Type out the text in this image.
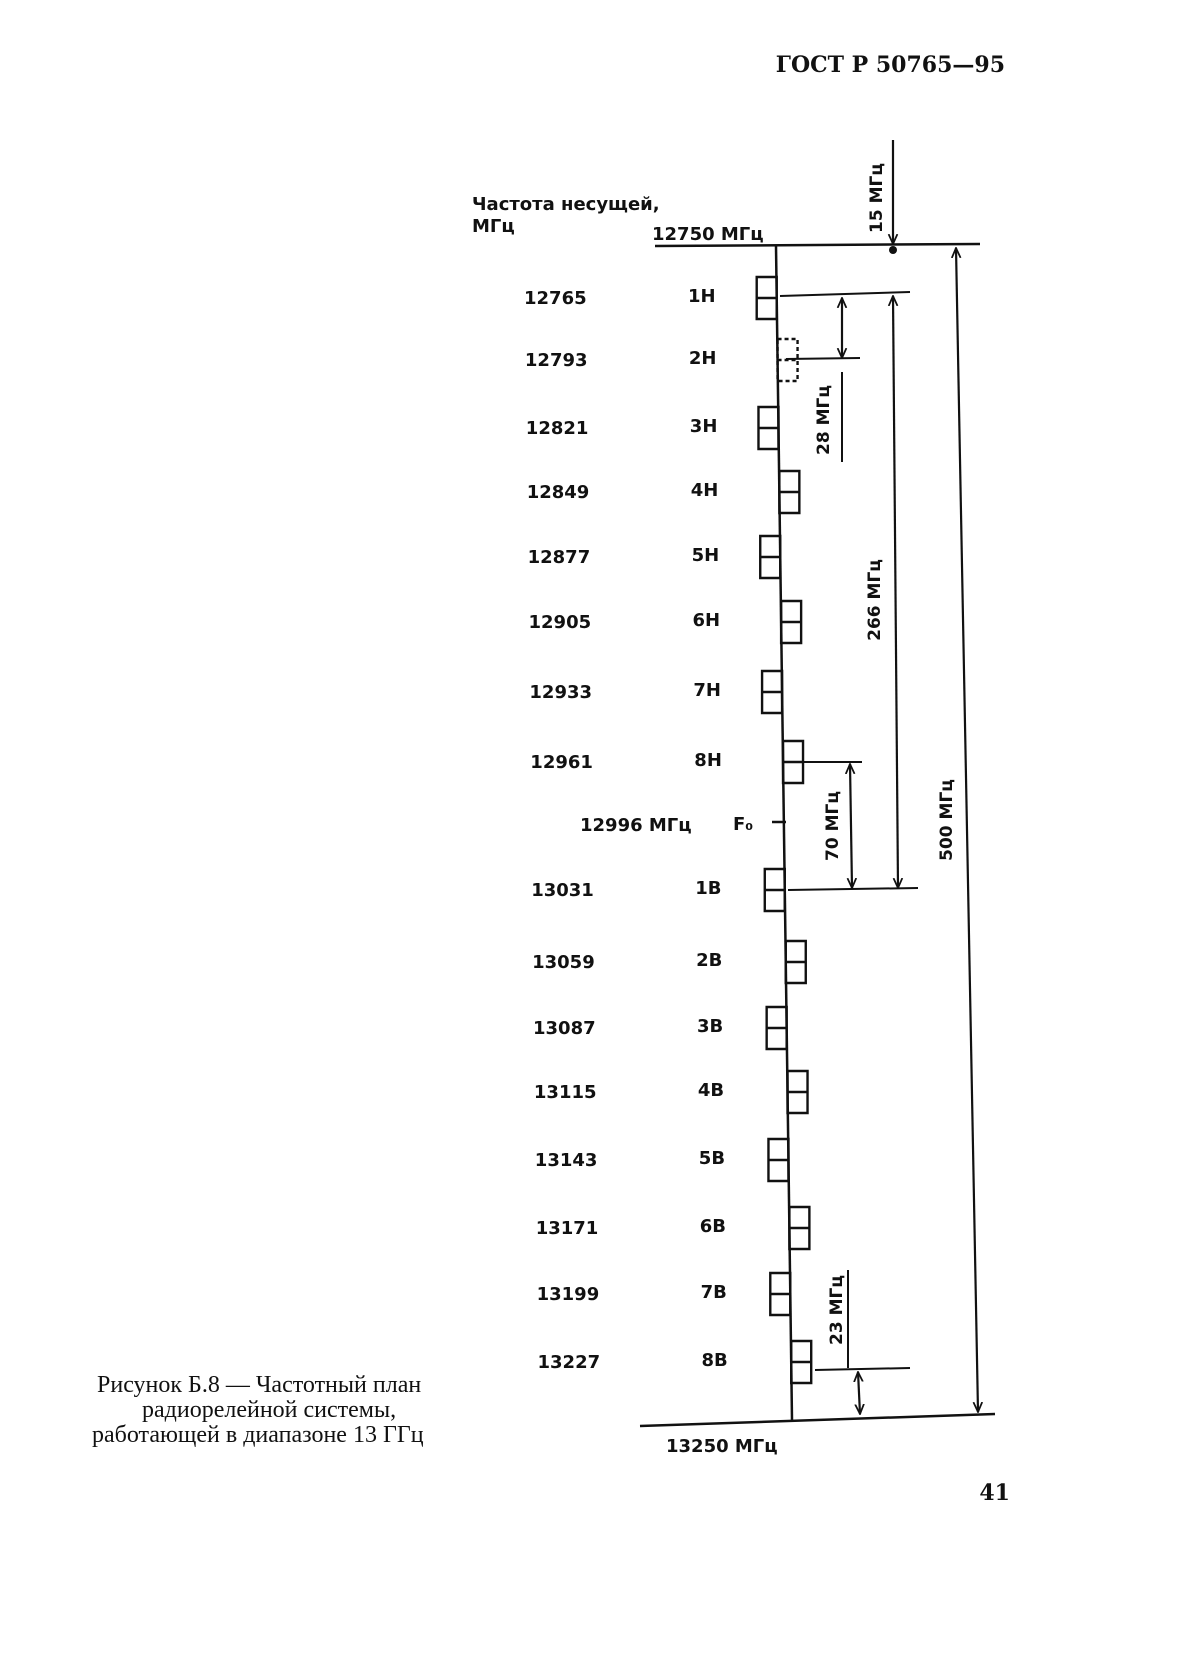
ГОСТ Р 50765—95
Частота несущей,
МГц	12750 МГц
13250 МГц
12765	1Н
12793	2Н
12821	3Н
12849	4Н
12877	5Н
12905	6Н
12933	7Н
12961	8Н
13031	1В
13059	2В
13087	3В
13115	4В
13143	5В
13171	6В
13199	7В
13227	8В
12996 МГц F₀
15 МГц
28 МГц
266 МГц
70 МГц	500 МГц
23 МГц
Рисунок Б.8 — Частотный план
радиорелейной системы,
работающей в диапазоне 13 ГГц
41
